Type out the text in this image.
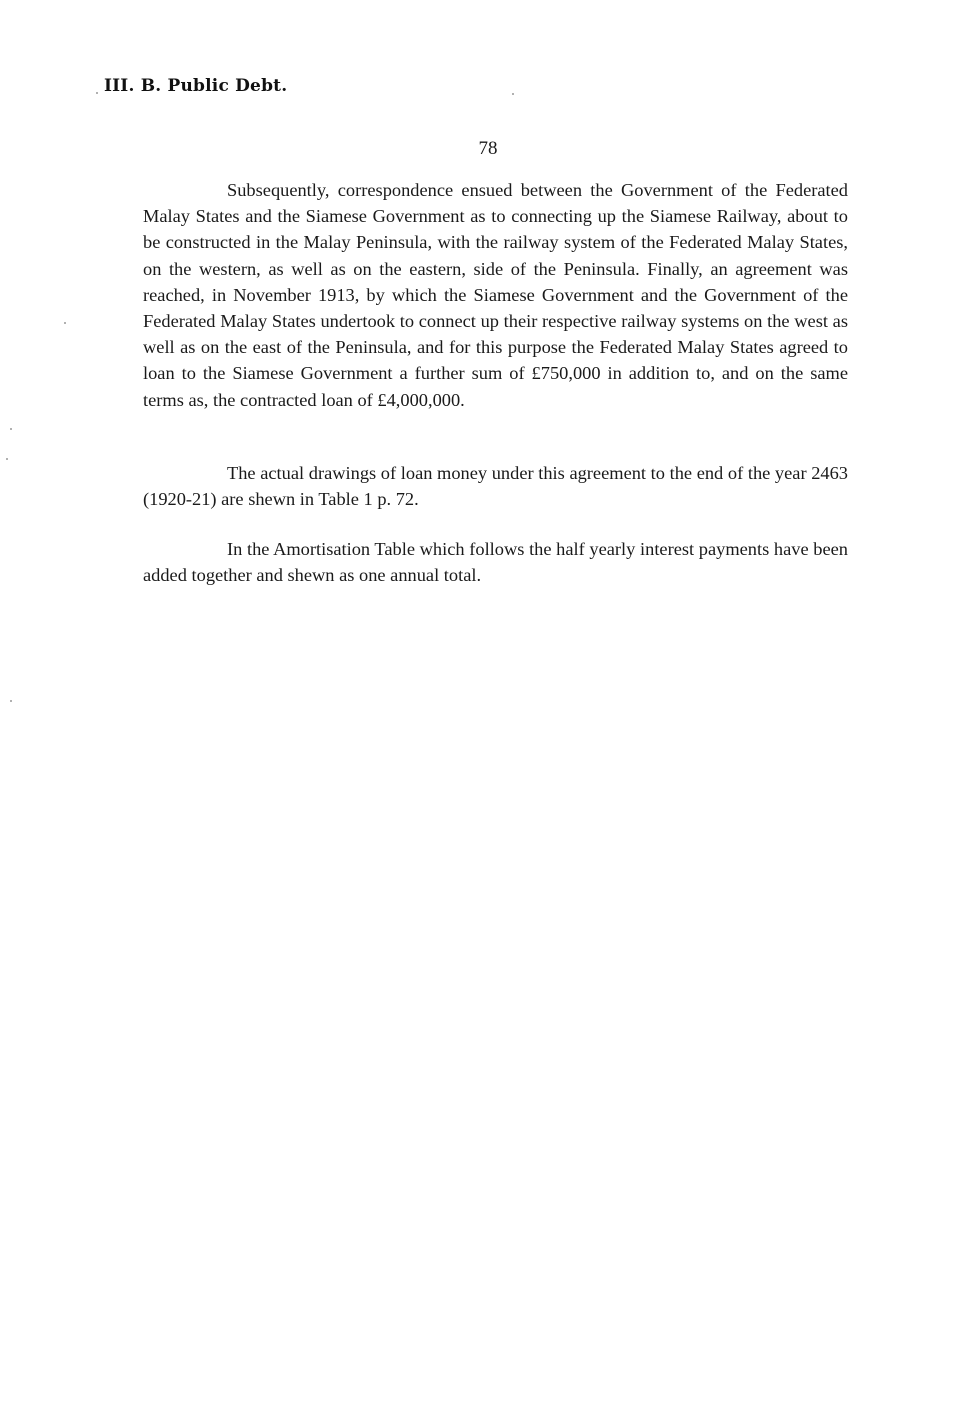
III. B. Public Debt.
78

Subsequently, correspondence ensued between the Government of the Federated Malay States and the Siamese Government as to connecting up the Siamese Railway, about to be constructed in the Malay Peninsula, with the railway system of the Federated Malay States, on the western, as well as on the eastern, side of the Peninsula. Finally, an agreement was reached, in November 1913, by which the Siamese Government and the Government of the Federated Malay States undertook to connect up their respective railway systems on the west as well as on the east of the Peninsula, and for this purpose the Federated Malay States agreed to loan to the Siamese Government a further sum of £750,000 in addition to, and on the same terms as, the contracted loan of £4,000,000.

The actual drawings of loan money under this agreement to the end of the year 2463 (1920-21) are shewn in Table 1 p. 72.

In the Amortisation Table which follows the half yearly interest payments have been added together and shewn as one annual total.
